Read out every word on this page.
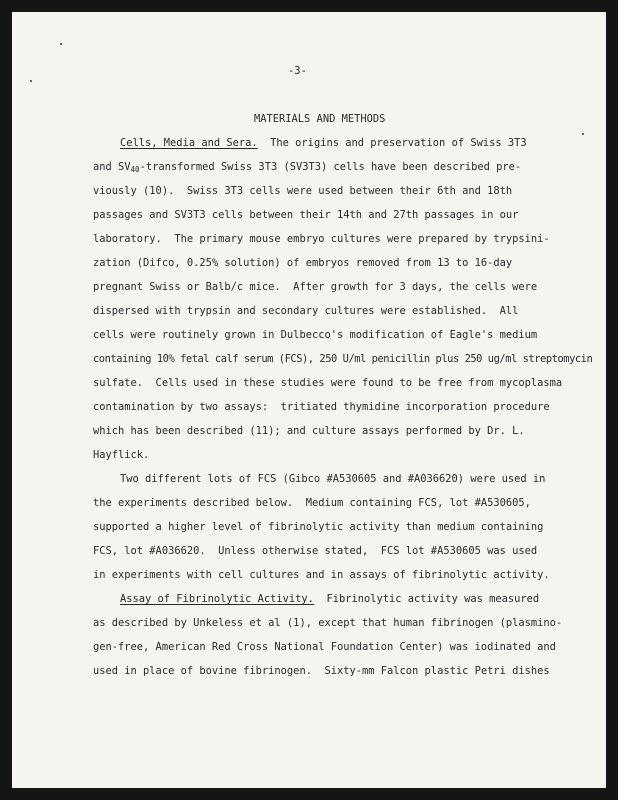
-3-
MATERIALS AND METHODS
Cells, Media and Sera.  The origins and preservation of Swiss 3T3
and $SV_{40}$-transformed Swiss 3T3 (SV3T3) cells have been described pre-
viously (10).  Swiss 3T3 cells were used between their 6th and 18th
passages and SV3T3 cells between their 14th and 27th passages in our
laboratory.  The primary mouse embryo cultures were prepared by trypsini-
zation (Difco, 0.25% solution) of embryos removed from 13 to 16-day
pregnant Swiss or Balb/c mice.  After growth for 3 days, the cells were
dispersed with trypsin and secondary cultures were established.  All
cells were routinely grown in Dulbecco's modification of Eagle's medium
containing 10% fetal calf serum (FCS), 250 U/ml penicillin plus 250 ug/ml streptomycin
sulfate.  Cells used in these studies were found to be free from mycoplasma
contamination by two assays:  tritiated thymidine incorporation procedure
which has been described (11); and culture assays performed by Dr. L.
Hayflick.
Two different lots of FCS (Gibco #A530605 and #A036620) were used in
the experiments described below.  Medium containing FCS, lot #A530605,
supported a higher level of fibrinolytic activity than medium containing
FCS, lot #A036620.  Unless otherwise stated,  FCS lot #A530605 was used
in experiments with cell cultures and in assays of fibrinolytic activity.
Assay of Fibrinolytic Activity.  Fibrinolytic activity was measured
as described by Unkeless et al (1), except that human fibrinogen (plasmino-
gen-free, American Red Cross National Foundation Center) was iodinated and
used in place of bovine fibrinogen.  Sixty-mm Falcon plastic Petri dishes
